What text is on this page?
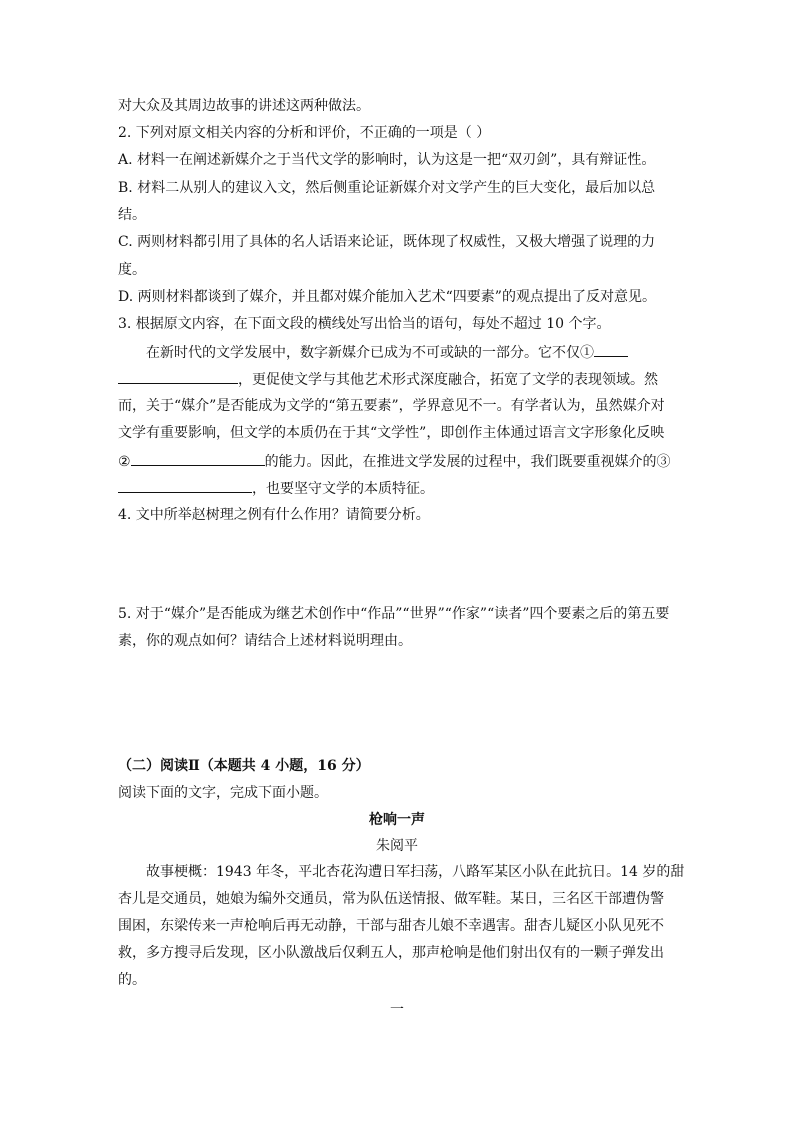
对大众及其周边故事的讲述这两种做法。
2. 下列对原文相关内容的分析和评价，不正确的一项是（ ）
A. 材料一在阐述新媒介之于当代文学的影响时，认为这是一把“双刃剑”，具有辩证性。
B. 材料二从别人的建议入文，然后侧重论证新媒介对文学产生的巨大变化，最后加以总
结。
C. 两则材料都引用了具体的名人话语来论证，既体现了权威性，又极大增强了说理的力
度。
D. 两则材料都谈到了媒介，并且都对媒介能加入艺术“四要素”的观点提出了反对意见。
3. 根据原文内容，在下面文段的横线处写出恰当的语句，每处不超过 10 个字。
在新时代的文学发展中，数字新媒介已成为不可或缺的一部分。它不仅①
，更促使文学与其他艺术形式深度融合，拓宽了文学的表现领域。然
而，关于“媒介”是否能成为文学的“第五要素”，学界意见不一。有学者认为，虽然媒介对
文学有重要影响，但文学的本质仍在于其“文学性”，即创作主体通过语言文字形象化反映
②	的能力。因此，在推进文学发展的过程中，我们既要重视媒介的③
，也要坚守文学的本质特征。
4. 文中所举赵树理之例有什么作用？请简要分析。
5. 对于“媒介”是否能成为继艺术创作中“作品”“世界”“作家”“读者”四个要素之后的第五要
素，你的观点如何？请结合上述材料说明理由。
（二）阅读Ⅱ（本题共 4 小题，16 分）
阅读下面的文字，完成下面小题。
枪响一声
朱阅平
故事梗概：1943 年冬，平北杏花沟遭日军扫荡，八路军某区小队在此抗日。14 岁的甜
杏儿是交通员，她娘为编外交通员，常为队伍送情报、做军鞋。某日，三名区干部遭伪警
围困，东梁传来一声枪响后再无动静，干部与甜杏儿娘不幸遇害。甜杏儿疑区小队见死不
救，多方搜寻后发现，区小队激战后仅剩五人，那声枪响是他们射出仅有的一颗子弹发出
的。
一
